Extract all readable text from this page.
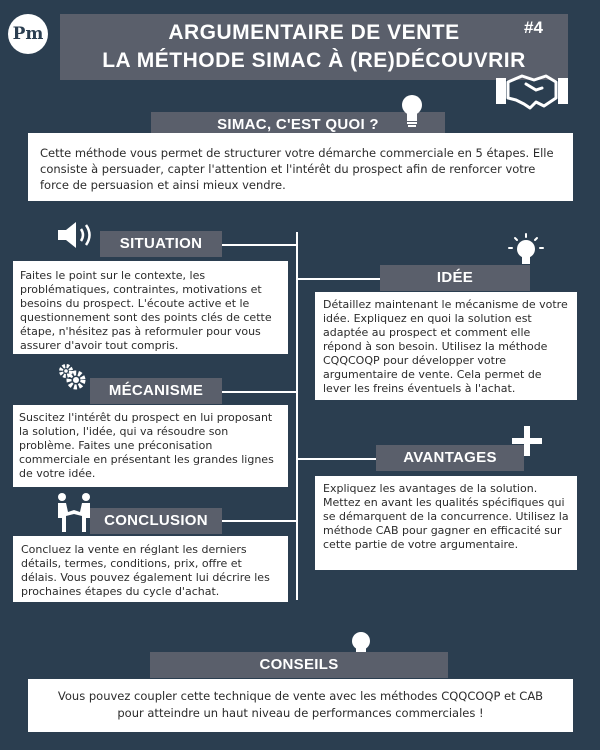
Pm	ARGUMENTAIRE DE VENTE
LA MÉTHODE SIMAC À (RE)DÉCOUVRIR
#4
SIMAC, C'EST QUOI ?
Cette méthode vous permet de structurer votre démarche commerciale en 5 étapes. Elle consiste à persuader, capter l'attention et l'intérêt du prospect afin de renforcer votre force de persuasion et ainsi mieux vendre.
SITUATION
Faites le point sur le contexte, les problématiques, contraintes, motivations et besoins du prospect. L'écoute active et le questionnement sont des points clés de cette étape, n'hésitez pas à reformuler pour vous assurer d'avoir tout compris.
IDÉE
Détaillez maintenant le mécanisme de votre idée. Expliquez en quoi la solution est adaptée au prospect et comment elle répond à son besoin. Utilisez la méthode CQQCOQP pour développer votre argumentaire de vente. Cela permet de lever les freins éventuels à l'achat.
MÉCANISME
Suscitez l'intérêt du prospect en lui proposant la solution, l'idée, qui va résoudre son problème. Faites une préconisation commerciale en présentant les grandes lignes de votre idée.
AVANTAGES
Expliquez les avantages de la solution. Mettez en avant les qualités spécifiques qui se démarquent de la concurrence. Utilisez la méthode CAB pour gagner en efficacité sur cette partie de votre argumentaire.
CONCLUSION
Concluez la vente en réglant les derniers détails, termes, conditions, prix, offre et délais. Vous pouvez également lui décrire les prochaines étapes du cycle d'achat.
CONSEILS
Vous pouvez coupler cette technique de vente avec les méthodes CQQCOQP et CAB pour atteindre un haut niveau de performances commerciales !
